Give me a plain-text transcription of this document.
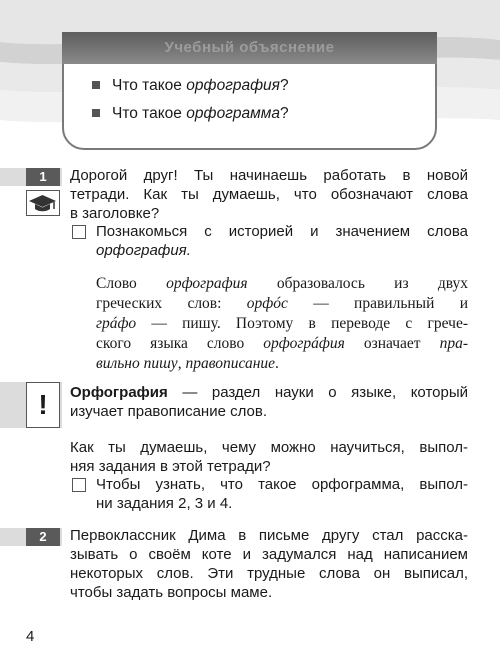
Учебный объяснение
Что такое орфография?
Что такое орфограмма?
1	Дорогой друг! Ты начинаешь работать в новой
тетради. Как ты думаешь, что обозначают слова
в заголовке?
Познакомься с историей и значением слова
орфография.
Слово орфография образовалось из двух
греческих слов: орфóс — правильный и
грáфо — пишу. Поэтому в переводе с грече-
ского языка слово орфогрáфия означает пра-
вильно пишу, правописание.
!	Орфография — раздел науки о языке, который
изучает правописание слов.
Как ты думаешь, чему можно научиться, выпол-
няя задания в этой тетради?
Чтобы узнать, что такое орфограмма, выпол-
ни задания 2, 3 и 4.
2	Первоклассник Дима в письме другу стал расска-
зывать о своём коте и задумался над написанием
некоторых слов. Эти трудные слова он выписал,
чтобы задать вопросы маме.
4
